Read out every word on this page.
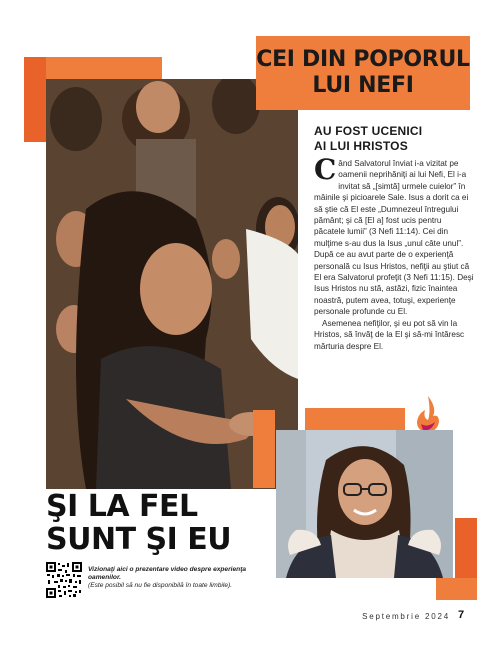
CEI DIN POPORUL
LUI NEFI
AU FOST UCENICI
AI LUI HRISTOS

Când Salvatorul înviat i-a vizitat pe oamenii neprihăniţi ai lui Nefi, El i-a invitat să „[simtă] urmele cuielor” în mâinile şi picioarele Sale. Isus a dorit ca ei să ştie că El este „Dumnezeul întregului pământ; şi că [El a] fost ucis pentru păcatele lumii” (3 Nefi 11:14). Cei din mulţime s-au dus la Isus „unul câte unul”. După ce au avut parte de o experienţă personală cu Isus Hristos, nefiţii au ştiut că El era Salvatorul profeţit (3 Nefi 11:15). Deşi Isus Hristos nu stă, astăzi, fizic înaintea noastră, putem avea, totuşi, experienţe personale profunde cu El.

Asemenea nefiţilor, şi eu pot să vin la Hristos, să învăţ de la El şi să-mi întăresc mărturia despre El.

ŞI LA FEL
SUNT ŞI EU
Vizionaţi aici o prezentare video despre experienţa oamenilor.
(Este posibil să nu fie disponibilă în toate limbile).
Septembrie 2024 7
